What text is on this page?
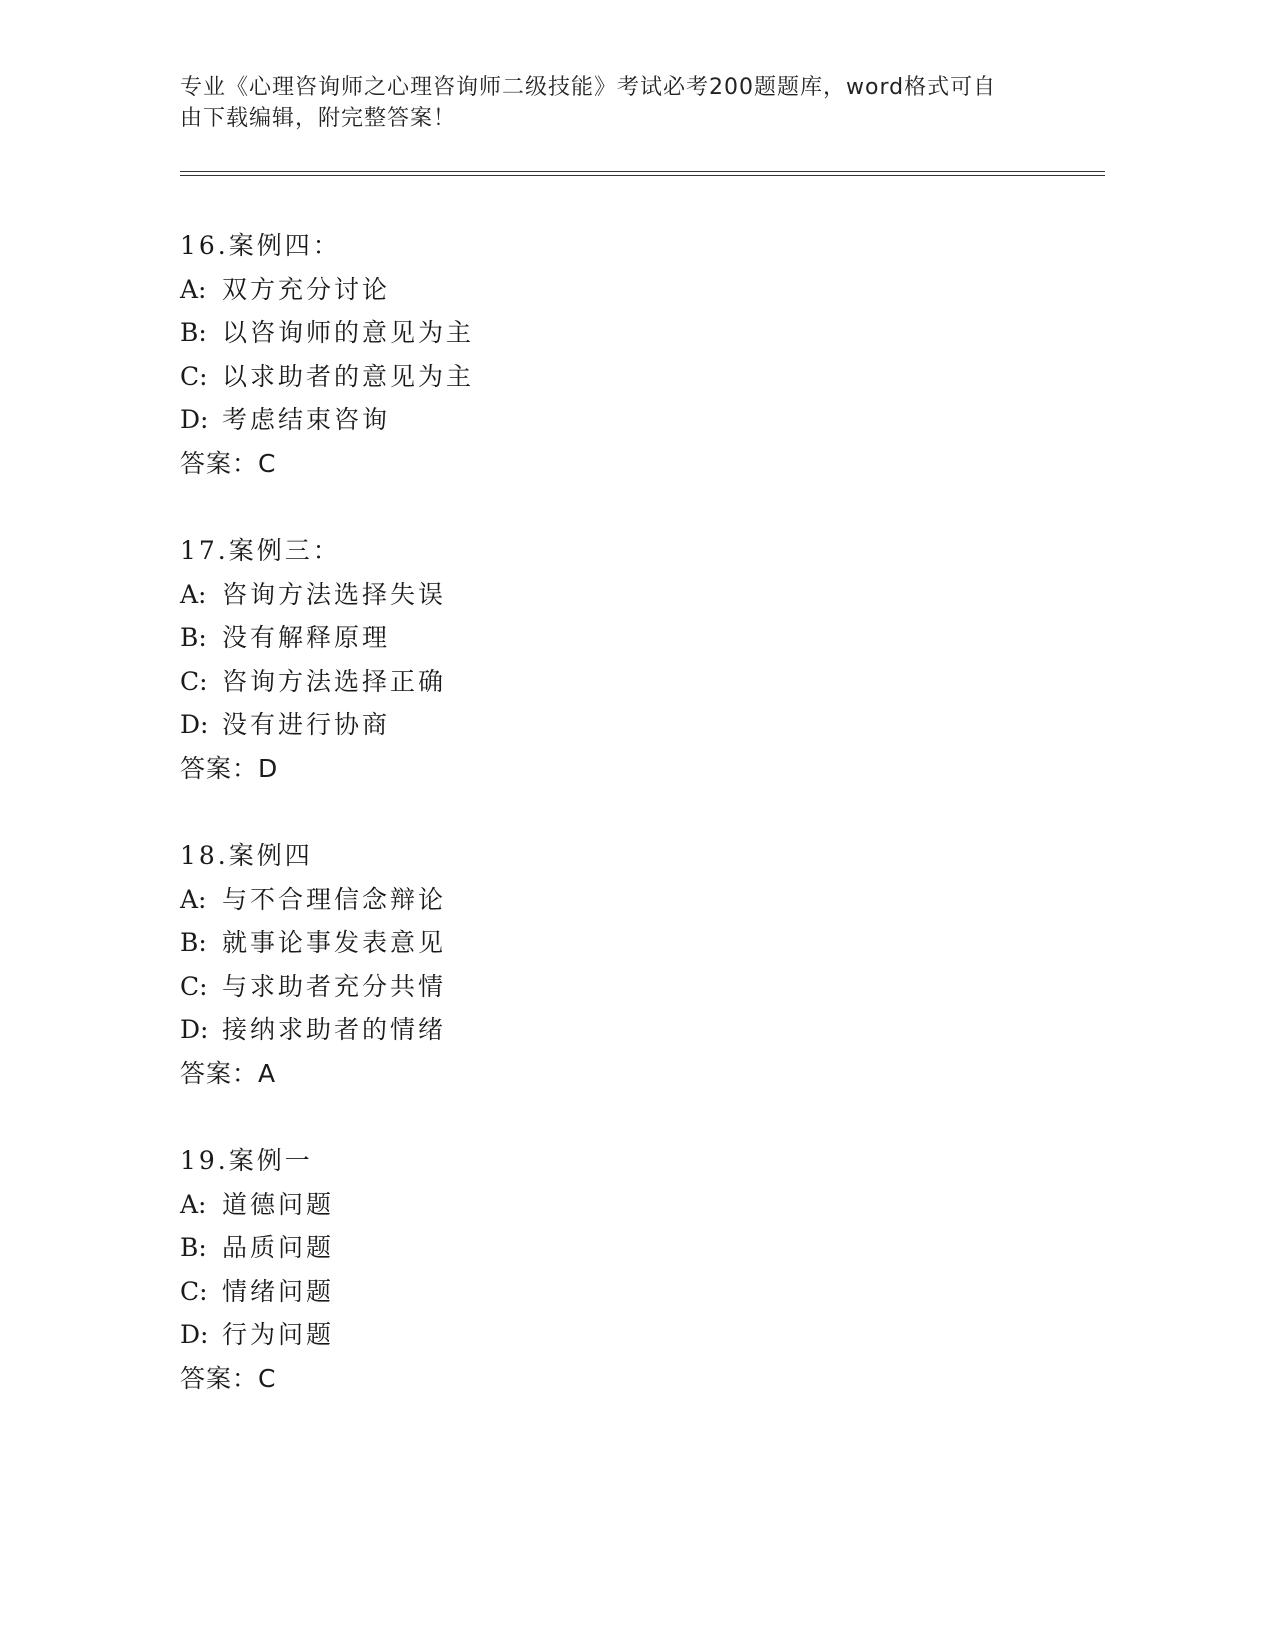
专业《心理咨询师之心理咨询师二级技能》考试必考200题题库，word格式可自
由下载编辑，附完整答案！
16.案例四：
A: 双方充分讨论
B: 以咨询师的意见为主
C: 以求助者的意见为主
D: 考虑结束咨询
答案：C
17.案例三：
A: 咨询方法选择失误
B: 没有解释原理
C: 咨询方法选择正确
D: 没有进行协商
答案：D
18.案例四
A: 与不合理信念辩论
B: 就事论事发表意见
C: 与求助者充分共情
D: 接纳求助者的情绪
答案：A
19.案例一
A: 道德问题
B: 品质问题
C: 情绪问题
D: 行为问题
答案：C
